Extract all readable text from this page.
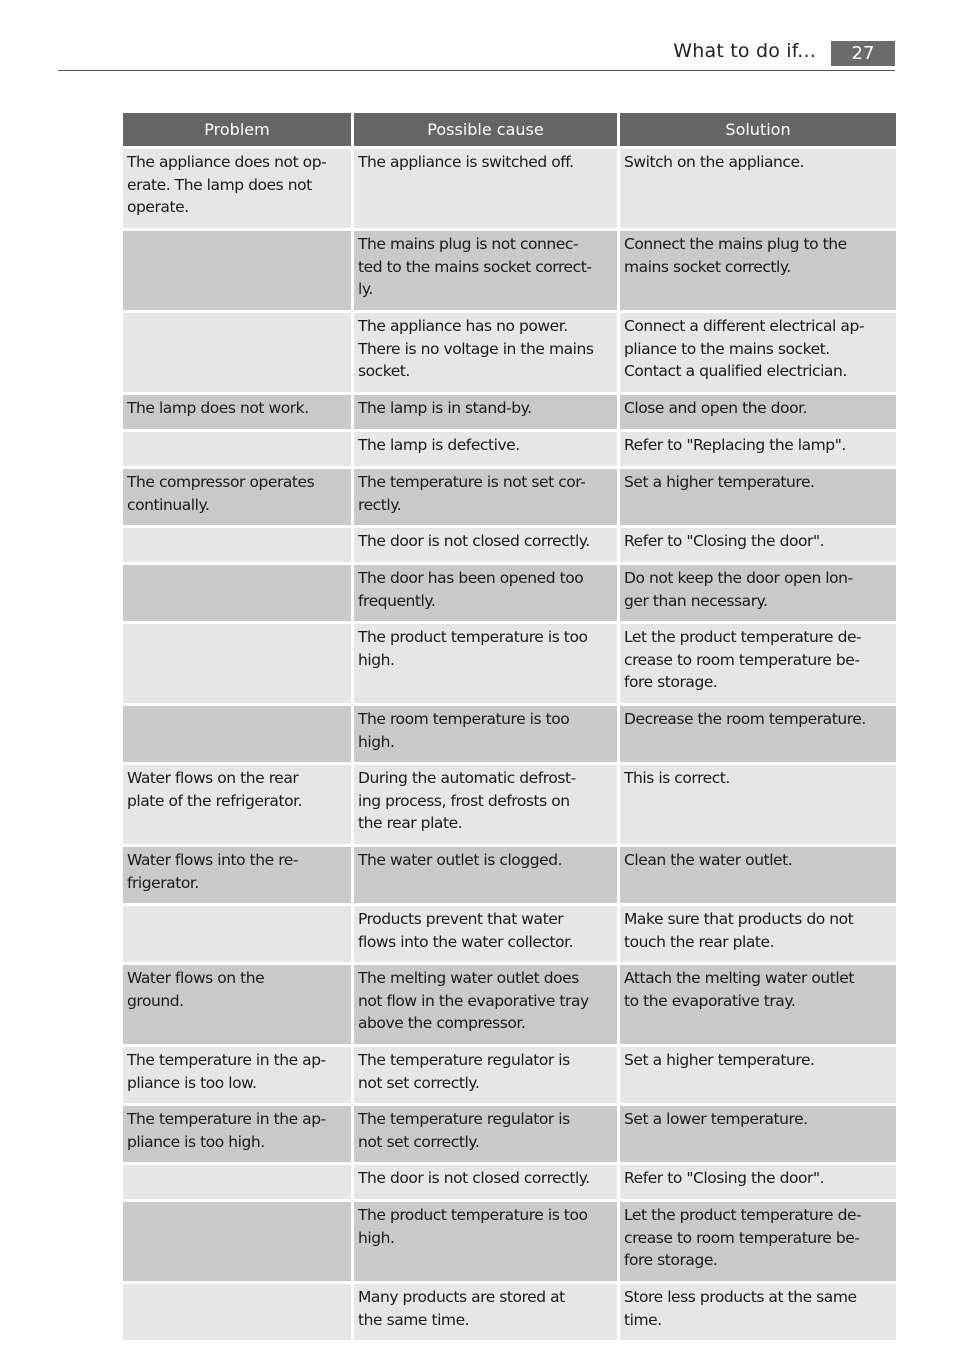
What to do if...	27
Problem	Possible cause	Solution
The appliance does not op-
erate. The lamp does not
operate.	The appliance is switched off.	Switch on the appliance.
	The mains plug is not connec-
ted to the mains socket correct-
ly.	Connect the mains plug to the
mains socket correctly.
	The appliance has no power.
There is no voltage in the mains
socket.	Connect a different electrical ap-
pliance to the mains socket.
Contact a qualified electrician.
The lamp does not work.	The lamp is in stand-by.	Close and open the door.
	The lamp is defective.	Refer to "Replacing the lamp".
The compressor operates
continually.	The temperature is not set cor-
rectly.	Set a higher temperature.
	The door is not closed correctly.	Refer to "Closing the door".
	The door has been opened too
frequently.	Do not keep the door open lon-
ger than necessary.
	The product temperature is too
high.	Let the product temperature de-
crease to room temperature be-
fore storage.
	The room temperature is too
high.	Decrease the room temperature.
Water flows on the rear
plate of the refrigerator.	During the automatic defrost-
ing process, frost defrosts on
the rear plate.	This is correct.
Water flows into the re-
frigerator.	The water outlet is clogged.	Clean the water outlet.
	Products prevent that water
flows into the water collector.	Make sure that products do not
touch the rear plate.
Water flows on the
ground.	The melting water outlet does
not flow in the evaporative tray
above the compressor.	Attach the melting water outlet
to the evaporative tray.
The temperature in the ap-
pliance is too low.	The temperature regulator is
not set correctly.	Set a higher temperature.
The temperature in the ap-
pliance is too high.	The temperature regulator is
not set correctly.	Set a lower temperature.
	The door is not closed correctly.	Refer to "Closing the door".
	The product temperature is too
high.	Let the product temperature de-
crease to room temperature be-
fore storage.
	Many products are stored at
the same time.	Store less products at the same
time.
